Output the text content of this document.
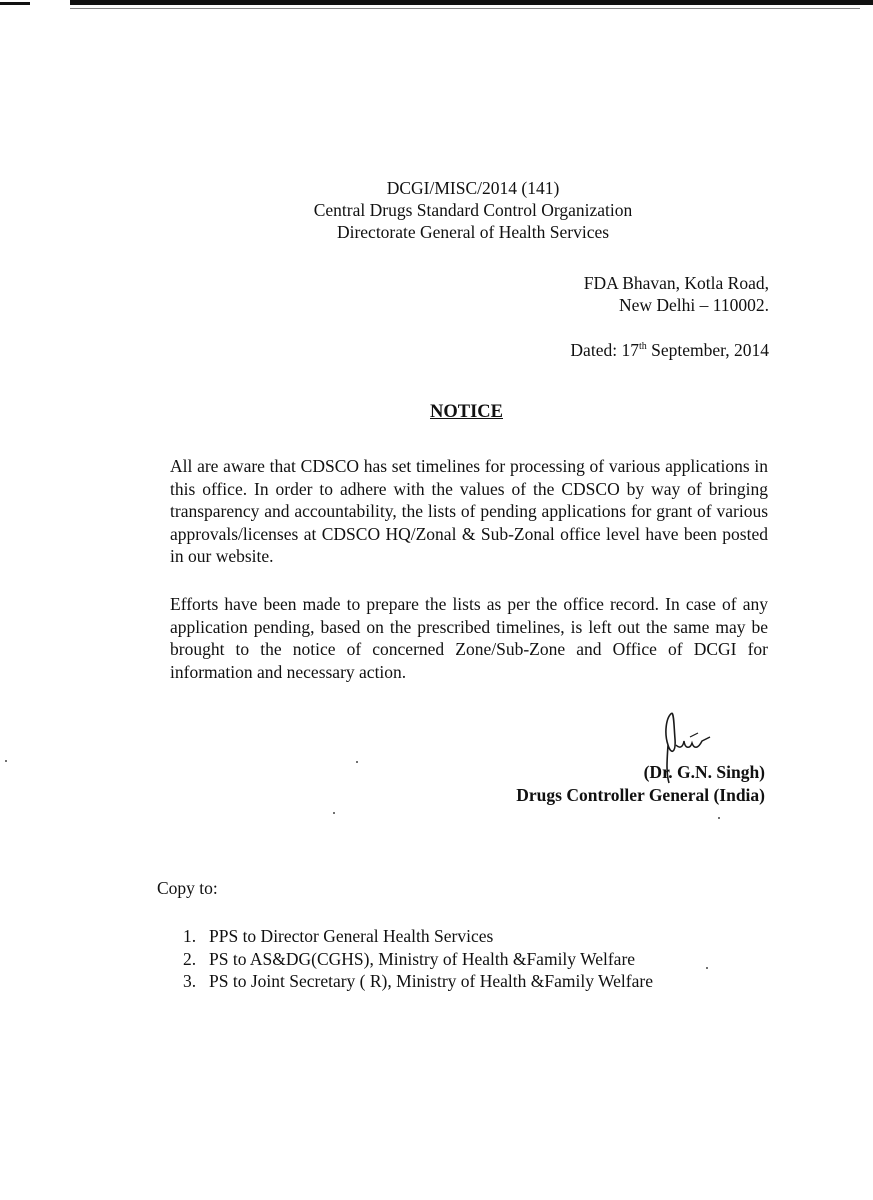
DCGI/MISC/2014 (141)
Central Drugs Standard Control Organization
Directorate General of Health Services
FDA Bhavan, Kotla Road,
New Delhi – 110002.
Dated: 17th September, 2014
NOTICE
All are aware that CDSCO has set timelines for processing of various applications in this office. In order to adhere with the values of the CDSCO by way of bringing transparency and accountability, the lists of pending applications for grant of various approvals/licenses at CDSCO HQ/Zonal & Sub-Zonal office level have been posted in our website.
Efforts have been made to prepare the lists as per the office record. In case of any application pending, based on the prescribed timelines, is left out the same may be brought to the notice of concerned Zone/Sub-Zone and Office of DCGI for information and necessary action.
(Dr. G.N. Singh)
Drugs Controller General (India)
Copy to:
1. PPS to Director General Health Services
2. PS to AS&DG(CGHS), Ministry of Health &Family Welfare
3. PS to Joint Secretary ( R), Ministry of Health &Family Welfare
